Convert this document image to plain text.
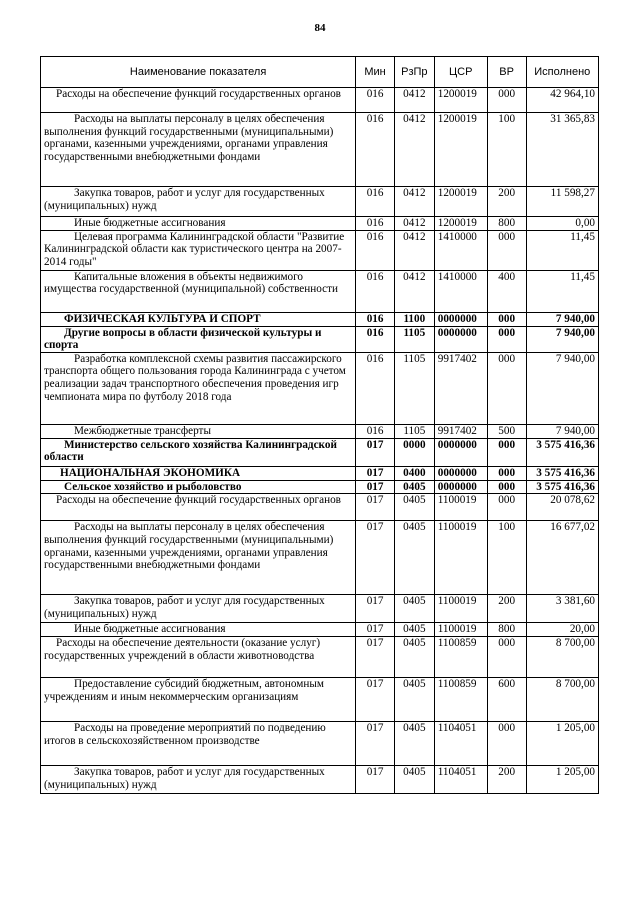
84
Наименование показателя	Мин	РзПр	ЦСР	ВР	Исполнено
Расходы на обеспечение функций государственных органов	016	0412	1200019	000	42 964,10
Расходы на выплаты персоналу в целях обеспечения выполнения функций государственными (муниципальными) органами, казенными учреждениями, органами управления государственными внебюджетными фондами	016	0412	1200019	100	31 365,83
Закупка товаров, работ и услуг для государственных (муниципальных) нужд	016	0412	1200019	200	11 598,27
Иные бюджетные ассигнования	016	0412	1200019	800	0,00
Целевая программа Калининградской области "Развитие Калининградской области как туристического центра на 2007-2014 годы"	016	0412	1410000	000	11,45
Капитальные вложения в объекты недвижимого имущества государственной (муниципальной) собственности	016	0412	1410000	400	11,45
ФИЗИЧЕСКАЯ КУЛЬТУРА И СПОРТ	016	1100	0000000	000	7 940,00
Другие вопросы в области физической культуры и спорта	016	1105	0000000	000	7 940,00
Разработка комплексной схемы развития пассажирского транспорта общего пользования города Калининграда с учетом реализации задач транспортного обеспечения проведения игр чемпионата мира по футболу 2018 года	016	1105	9917402	000	7 940,00
Межбюджетные трансферты	016	1105	9917402	500	7 940,00
Министерство сельского хозяйства Калининградской области	017	0000	0000000	000	3 575 416,36
НАЦИОНАЛЬНАЯ ЭКОНОМИКА	017	0400	0000000	000	3 575 416,36
Сельское хозяйство и рыболовство	017	0405	0000000	000	3 575 416,36
Расходы на обеспечение функций государственных органов	017	0405	1100019	000	20 078,62
Расходы на выплаты персоналу в целях обеспечения выполнения функций государственными (муниципальными) органами, казенными учреждениями, органами управления государственными внебюджетными фондами	017	0405	1100019	100	16 677,02
Закупка товаров, работ и услуг для государственных (муниципальных) нужд	017	0405	1100019	200	3 381,60
Иные бюджетные ассигнования	017	0405	1100019	800	20,00
Расходы на обеспечение деятельности (оказание услуг) государственных учреждений в области животноводства	017	0405	1100859	000	8 700,00
Предоставление субсидий бюджетным, автономным учреждениям и иным некоммерческим организациям	017	0405	1100859	600	8 700,00
Расходы на проведение мероприятий по подведению итогов в сельскохозяйственном производстве	017	0405	1104051	000	1 205,00
Закупка товаров, работ и услуг для государственных (муниципальных) нужд	017	0405	1104051	200	1 205,00
